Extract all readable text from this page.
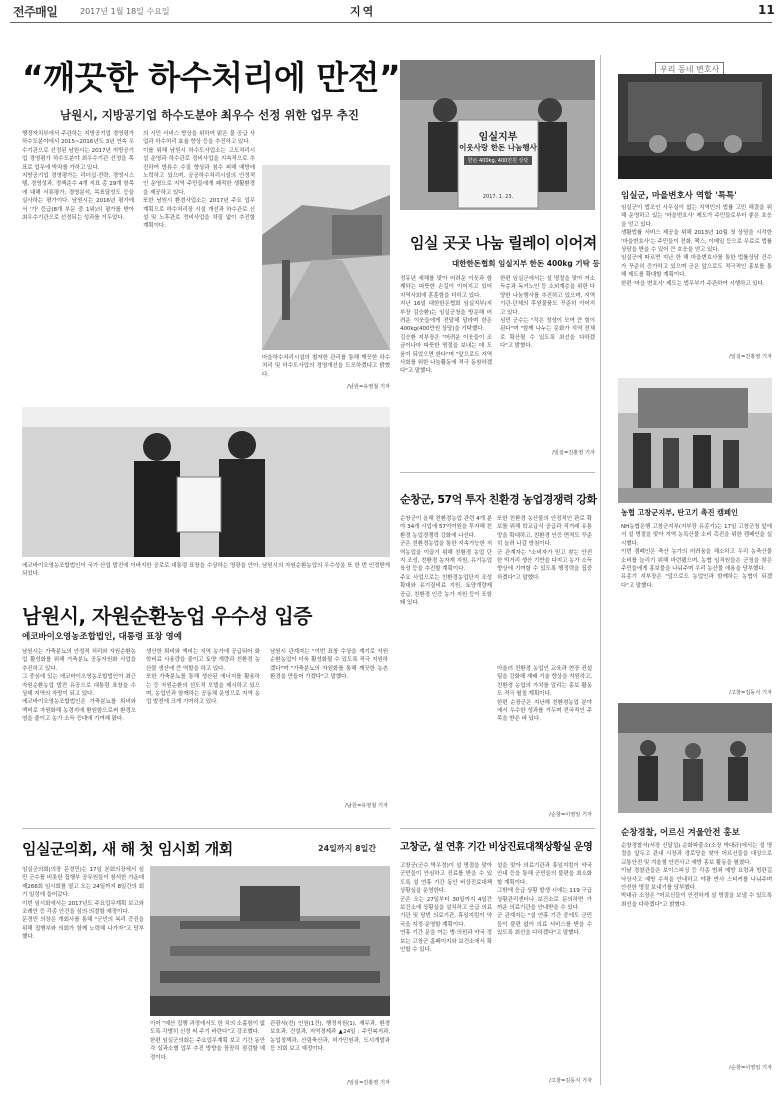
전주매일	2017년 1월 18일 수요일	지역	11
“깨끗한 하수처리에 만전”
남원시, 지방공기업 하수도분야 최우수 선정 위한 업무 추진
행정자치부에서 주관하는 지방공기업 경영평가 하수도분야에서 2015~2016년도 3년 연속 우수기관으로 선정된 남원시는 2017년 지방공기업 경영평가 하수도분야 최우수기관 선정을 목표로 업무에 박차를 가하고 있다.
지방공기업 경영평가는 리더십·전략, 경영시스템, 경영성과, 정책준수 4개 지표 총 29개 항목에 대해 서류평가, 경영분석, 목표달성도 등을 실사하는 평가이다. 남원시는 2016년 평가에서 '가' 등급(8개 부문 중 1위)의 평가를 받아 최우수기관으로 선정되는 성과를 거두었다.
의 시민 서비스 향상을 위하여 맑은 물 공급 사업과 하수처리 효율 향상 등을 추진하고 있다.
이를 위해 남원시 하수도사업소는 고도처리시설 운영과 하수관로 정비사업을 지속적으로 추진하여 방류수 수질 향상과 침수 피해 예방에 노력하고 있으며, 공공하수처리시설의 안정적인 운영으로 지역 주민들에게 쾌적한 생활환경을 제공하고 있다.
또한 남원시 환경사업소는 2017년 주요 업무계획으로 하수처리장 시설 개선과 하수관로 신설 및 노후관로 정비사업을 차질 없이 추진할 계획이다.
마을하수처리시설의 철저한 관리를 통해 깨끗한 하수처리 및 하수도사업의 경영개선을 도모하겠다고 밝혔다.
/남원=유영철 기자
임실지부
이웃사랑 한돈 나눔행사
한돈 400kg, 400만원 상당
2017. 1. 23.
임실 곳곳 나눔 릴레이 이어져
대한한돈협회 임실지부 한돈 400kg 기탁 등
정유년 새해를 맞아 어려운 이웃과 함께하는 따뜻한 손길이 이어지고 있어 지역사회에 훈훈함을 더하고 있다.
지난 16일 대한한돈협회 임실지부(지부장 김승환)는 임실군청을 방문해 어려운 이웃들에게 전달해 달라며 한돈 400kg(400만원 상당)을 기탁했다.
김승환 지부장은 "어려운 이웃들이 조금이나마 따뜻한 명절을 보내는 데 도움이 되었으면 한다"며 "앞으로도 지역사회를 위한 나눔활동에 적극 동참하겠다"고 말했다.
한편 임실군에서는 설 명절을 맞아 저소득층과 독거노인 등 소외계층을 위한 다양한 나눔행사를 추진하고 있으며, 지역 기관·단체의 후원물품도 꾸준히 이어지고 있다.
심민 군수는 "작은 정성이 모여 큰 힘이 된다"며 "함께 나누는 문화가 지역 전체로 확산될 수 있도록 최선을 다하겠다"고 밝혔다.
/임실=진홍영 기자
우리 동네 변호사
임실군, 마을변호사 역할 '톡톡'
임실군이 법조인 사무실이 없는 지역민의 법률 고민 해결을 위해 운영하고 있는 '마을변호사' 제도가 주민들로부터 좋은 호응을 얻고 있다.
생활법률 서비스 제공을 위해 2013년 10월 첫 상담을 시작한 '마을변호사'는 주민들이 전화, 팩스, 이메일 등으로 무료로 법률상담을 받을 수 있어 큰 호응을 얻고 있다.
임실군에 따르면 지난 한 해 마을변호사를 통한 법률상담 건수가 꾸준히 증가하고 있으며 군은 앞으로도 적극적인 홍보를 통해 제도를 확대할 계획이다.
한편 '마을 변호사' 제도는 법무부가 주관하여 시행하고 있다.
/임실=진홍영 기자
농협 고창군지부, 탄고기 촉진 캠페인
NH농협은행 고창군지부(지부장 유종기)는 17일 고창군청 앞에서 설 명절을 맞아 지역 농특산물 소비 촉진을 위한 캠페인을 실시했다.
이번 캠페인은 축산 농가의 어려움을 해소하고 우리 농축산물 소비를 늘리기 위해 마련됐으며, 농협 임직원들은 군청을 찾은 주민들에게 홍보물을 나눠주며 우리 농산물 애용을 당부했다.
유종기 지부장은 "앞으로도 농업인과 함께하는 농협이 되겠다"고 말했다.
/고창=김동식 기자
순창경찰, 어르신 겨울안전 홍보
순창경찰서(서장 신달섭) 순화파출소(소장 박대규)에서는 설 명절을 앞두고 관내 시장과 경로당을 찾아 어르신들을 대상으로 교통안전 및 겨울철 안전사고 예방 홍보 활동을 펼쳤다.
이날 경찰관들은 보이스피싱 등 각종 범죄 예방 요령과 빙판길 낙상사고 예방 수칙을 안내하고 야광 반사 스티커를 나눠주며 안전한 명절 보내기를 당부했다.
박대규 소장은 "어르신들이 안전하게 설 명절을 보낼 수 있도록 최선을 다하겠다"고 밝혔다.
/순창=이영일 기자
에코바이오영농조합법인이 국가 산업 발전에 이바지한 공로로 대통령 표창을 수상하는 영광을 안아, 남원시의 자원순환농업의 우수성을 또 한 번 인정받게 되었다.
남원시, 자원순환농업 우수성 입증
에코바이오영농조합법인, 대통령 표창 영예
남원시는 가축분뇨의 안정적 처리와 자원순환농업 활성화를 위해 가축분뇨 공동자원화 사업을 추진하고 있다.
그 중심에 있는 에코바이오영농조합법인이 최근 자원순환농업 발전 유공으로 대통령 표창을 수상해 지역의 자랑이 되고 있다.
에코바이오영농조합법인은 가축분뇨를 퇴비와 액비로 자원화해 농경지에 환원함으로써 환경오염을 줄이고 농가 소득 증대에 기여해 왔다.
생산한 퇴비와 액비는 지역 농가에 공급되어 화학비료 사용량을 줄이고 토양 개량과 친환경 농산물 생산에 큰 역할을 하고 있다.
또한 가축분뇨를 통해 생산된 에너지를 활용하는 등 자원순환의 선도적 모델을 제시하고 있으며, 농업인과 함께하는 공동체 운영으로 지역 농업 발전에 크게 기여하고 있다.
남원시 관계자는 "이번 표창 수상을 계기로 자원순환농업이 더욱 활성화될 수 있도록 적극 지원하겠다"며 "가축분뇨의 자원화를 통해 깨끗한 농촌 환경을 만들어 가겠다"고 말했다.
/남원=유영철 기자
순창군, 57억 투자 친환경 농업경쟁력 강화
순창군이 올해 친환경농업 관련 4개 분야 34개 사업에 57억여원을 투자해 친환경 농업경쟁력 강화에 나선다.
군은 친환경농업을 통한 지속가능한 지역농업을 이끌기 위해 친환경 농업 단지 조성, 친환경 농자재 지원, 유기농업 육성 등을 추진할 계획이다.
주요 사업으로는 친환경농업단지 조성 확대와 유기질비료 지원, 토양개량제 공급, 친환경 인증 농가 지원 등이 포함돼 있다.
또한 친환경 농산물의 안정적인 판로 확보를 위해 학교급식 공급과 직거래 유통망을 확대하고, 친환경 인증 면적도 꾸준히 늘려 나갈 방침이다.
군 관계자는 "소비자가 믿고 찾는 안전한 먹거리 생산 기반을 다지고 농가 소득 향상에 기여할 수 있도록 행정력을 집중하겠다"고 말했다.
아울러 친환경 농업인 교육과 현장 컨설팅을 강화해 재배 기술 향상을 지원하고, 친환경 농업의 가치를 알리는 홍보 활동도 적극 펼칠 계획이다.
한편 순창군은 지난해 친환경농업 분야에서 우수한 성과를 거두며 전국적인 주목을 받은 바 있다.
/순창=이영일 기자
임실군의회, 새 해 첫 임시회 개회	24일까지 8일간
임실군의회(의장 문경민)는 17일 본회의장에서 심민 군수를 비롯한 집행부 공무원들이 참석한 가운데 제266회 임시회를 열고 오는 24일까지 8일간의 회기 일정에 들어갔다.
이번 임시회에서는 2017년도 주요업무계획 보고와 조례안 등 각종 안건을 심의·의결할 예정이다.
문경민 의장은 개회사를 통해 "군민의 복리 증진을 위해 집행부와 의회가 함께 노력해 나가자"고 당부했다.
이어 "예산 집행 과정에서도 한 치의 소홀함이 없도록 각별히 신경 써 주기 바란다"고 강조했다.
한편 임실군의회는 주요업무계획 보고 기간 동안 각 실과소별 업무 추진 방향을 꼼꼼히 점검할 예정이다.
관광서(전) 인원(1건), 행정지원(1), 재무과, 환경보호과, 건설과, 지역경제과 ▲24일 : 주민복지과, 농업정책과, 산림축산과, 허가민원과, 도시개발과 등 의회 보고 예정이다.
/임실=진홍영 기자
고창군, 설 연휴 기간 비상진료대책상황실 운영
고창군(군수 박우정)이 설 명절을 맞아 군민들이 안심하고 진료를 받을 수 있도록 설 연휴 기간 동안 비상진료대책상황실을 운영한다.
군은 오는 27일부터 30일까지 4일간 보건소에 상황실을 설치하고 응급 의료 기관 및 당번 의료기관, 휴일지킴이 약국을 지정·운영할 계획이다.
연휴 기간 문을 여는 병·의원과 약국 정보는 고창군 홈페이지와 보건소에서 확인할 수 있다.
설을 맞아 의료기관과 휴일지킴이 약국 안내 등을 통해 군민들의 불편을 최소화할 계획이다.
그밖에 응급 상황 발생 시에는 119 구급상황관리센터나 보건소로 문의하면 가까운 의료기관을 안내받을 수 있다.
군 관계자는 "설 연휴 기간 중에도 군민들이 불편 없이 의료 서비스를 받을 수 있도록 최선을 다하겠다"고 말했다.
/고창=김동식 기자
